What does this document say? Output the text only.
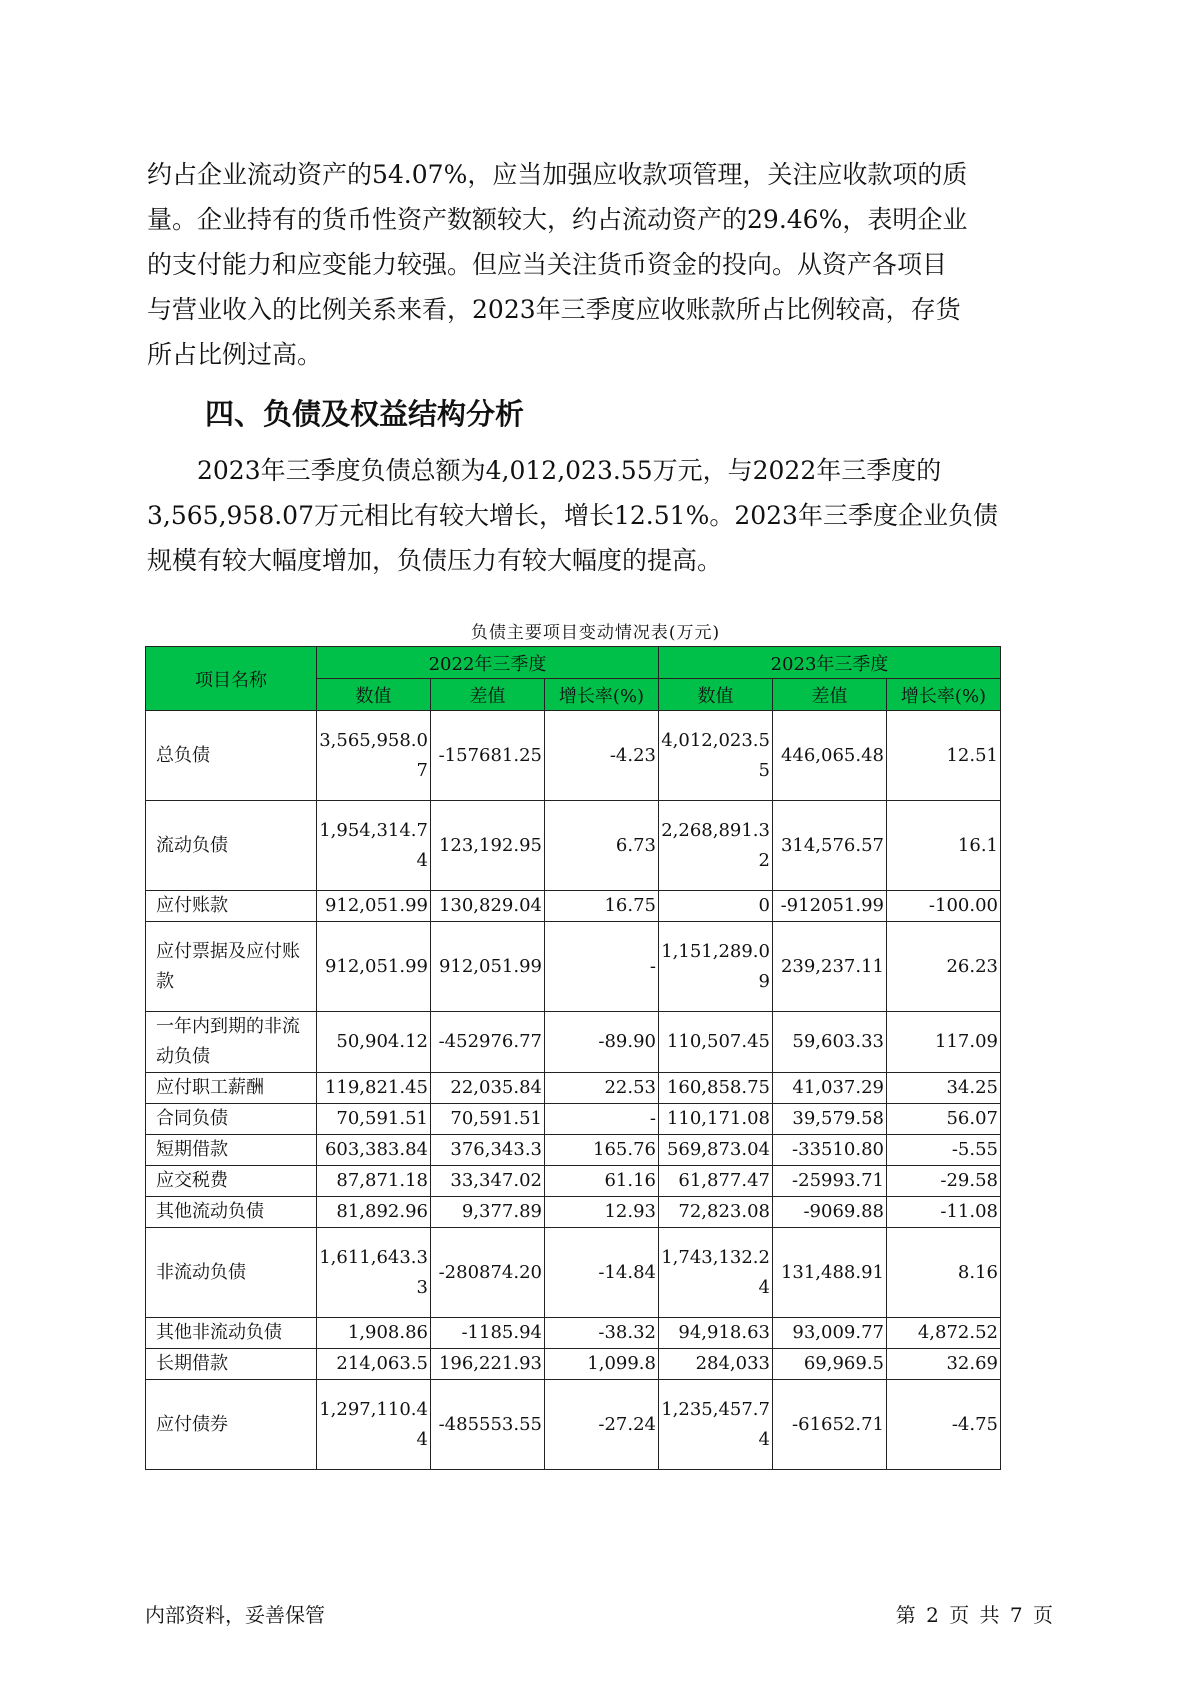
约占企业流动资产的54.07%，应当加强应收款项管理，关注应收款项的质
量。企业持有的货币性资产数额较大，约占流动资产的29.46%，表明企业
的支付能力和应变能力较强。但应当关注货币资金的投向。从资产各项目
与营业收入的比例关系来看，2023年三季度应收账款所占比例较高，存货
所占比例过高。
四、负债及权益结构分析
　　2023年三季度负债总额为4,012,023.55万元，与2022年三季度的
3,565,958.07万元相比有较大增长，增长12.51%。2023年三季度企业负债
规模有较大幅度增加，负债压力有较大幅度的提高。
负债主要项目变动情况表(万元)
项目名称	2022年三季度			2023年三季度		
	数值	差值	增长率(%)	数值	差值	增长率(%)
总负债	3,565,958.07	-157681.25	-4.23	4,012,023.55	446,065.48	12.51
流动负债	1,954,314.74	123,192.95	6.73	2,268,891.32	314,576.57	16.1
应付账款	912,051.99	130,829.04	16.75	0	-912051.99	-100.00
应付票据及应付账款	912,051.99	912,051.99	-	1,151,289.09	239,237.11	26.23
一年内到期的非流动负债	50,904.12	-452976.77	-89.90	110,507.45	59,603.33	117.09
应付职工薪酬	119,821.45	22,035.84	22.53	160,858.75	41,037.29	34.25
合同负债	70,591.51	70,591.51	-	110,171.08	39,579.58	56.07
短期借款	603,383.84	376,343.3	165.76	569,873.04	-33510.80	-5.55
应交税费	87,871.18	33,347.02	61.16	61,877.47	-25993.71	-29.58
其他流动负债	81,892.96	9,377.89	12.93	72,823.08	-9069.88	-11.08
非流动负债	1,611,643.33	-280874.20	-14.84	1,743,132.24	131,488.91	8.16
其他非流动负债	1,908.86	-1185.94	-38.32	94,918.63	93,009.77	4,872.52
长期借款	214,063.5	196,221.93	1,099.8	284,033	69,969.5	32.69
应付债券	1,297,110.44	-485553.55	-27.24	1,235,457.74	-61652.71	-4.75
内部资料，妥善保管	第 2 页 共 7 页
